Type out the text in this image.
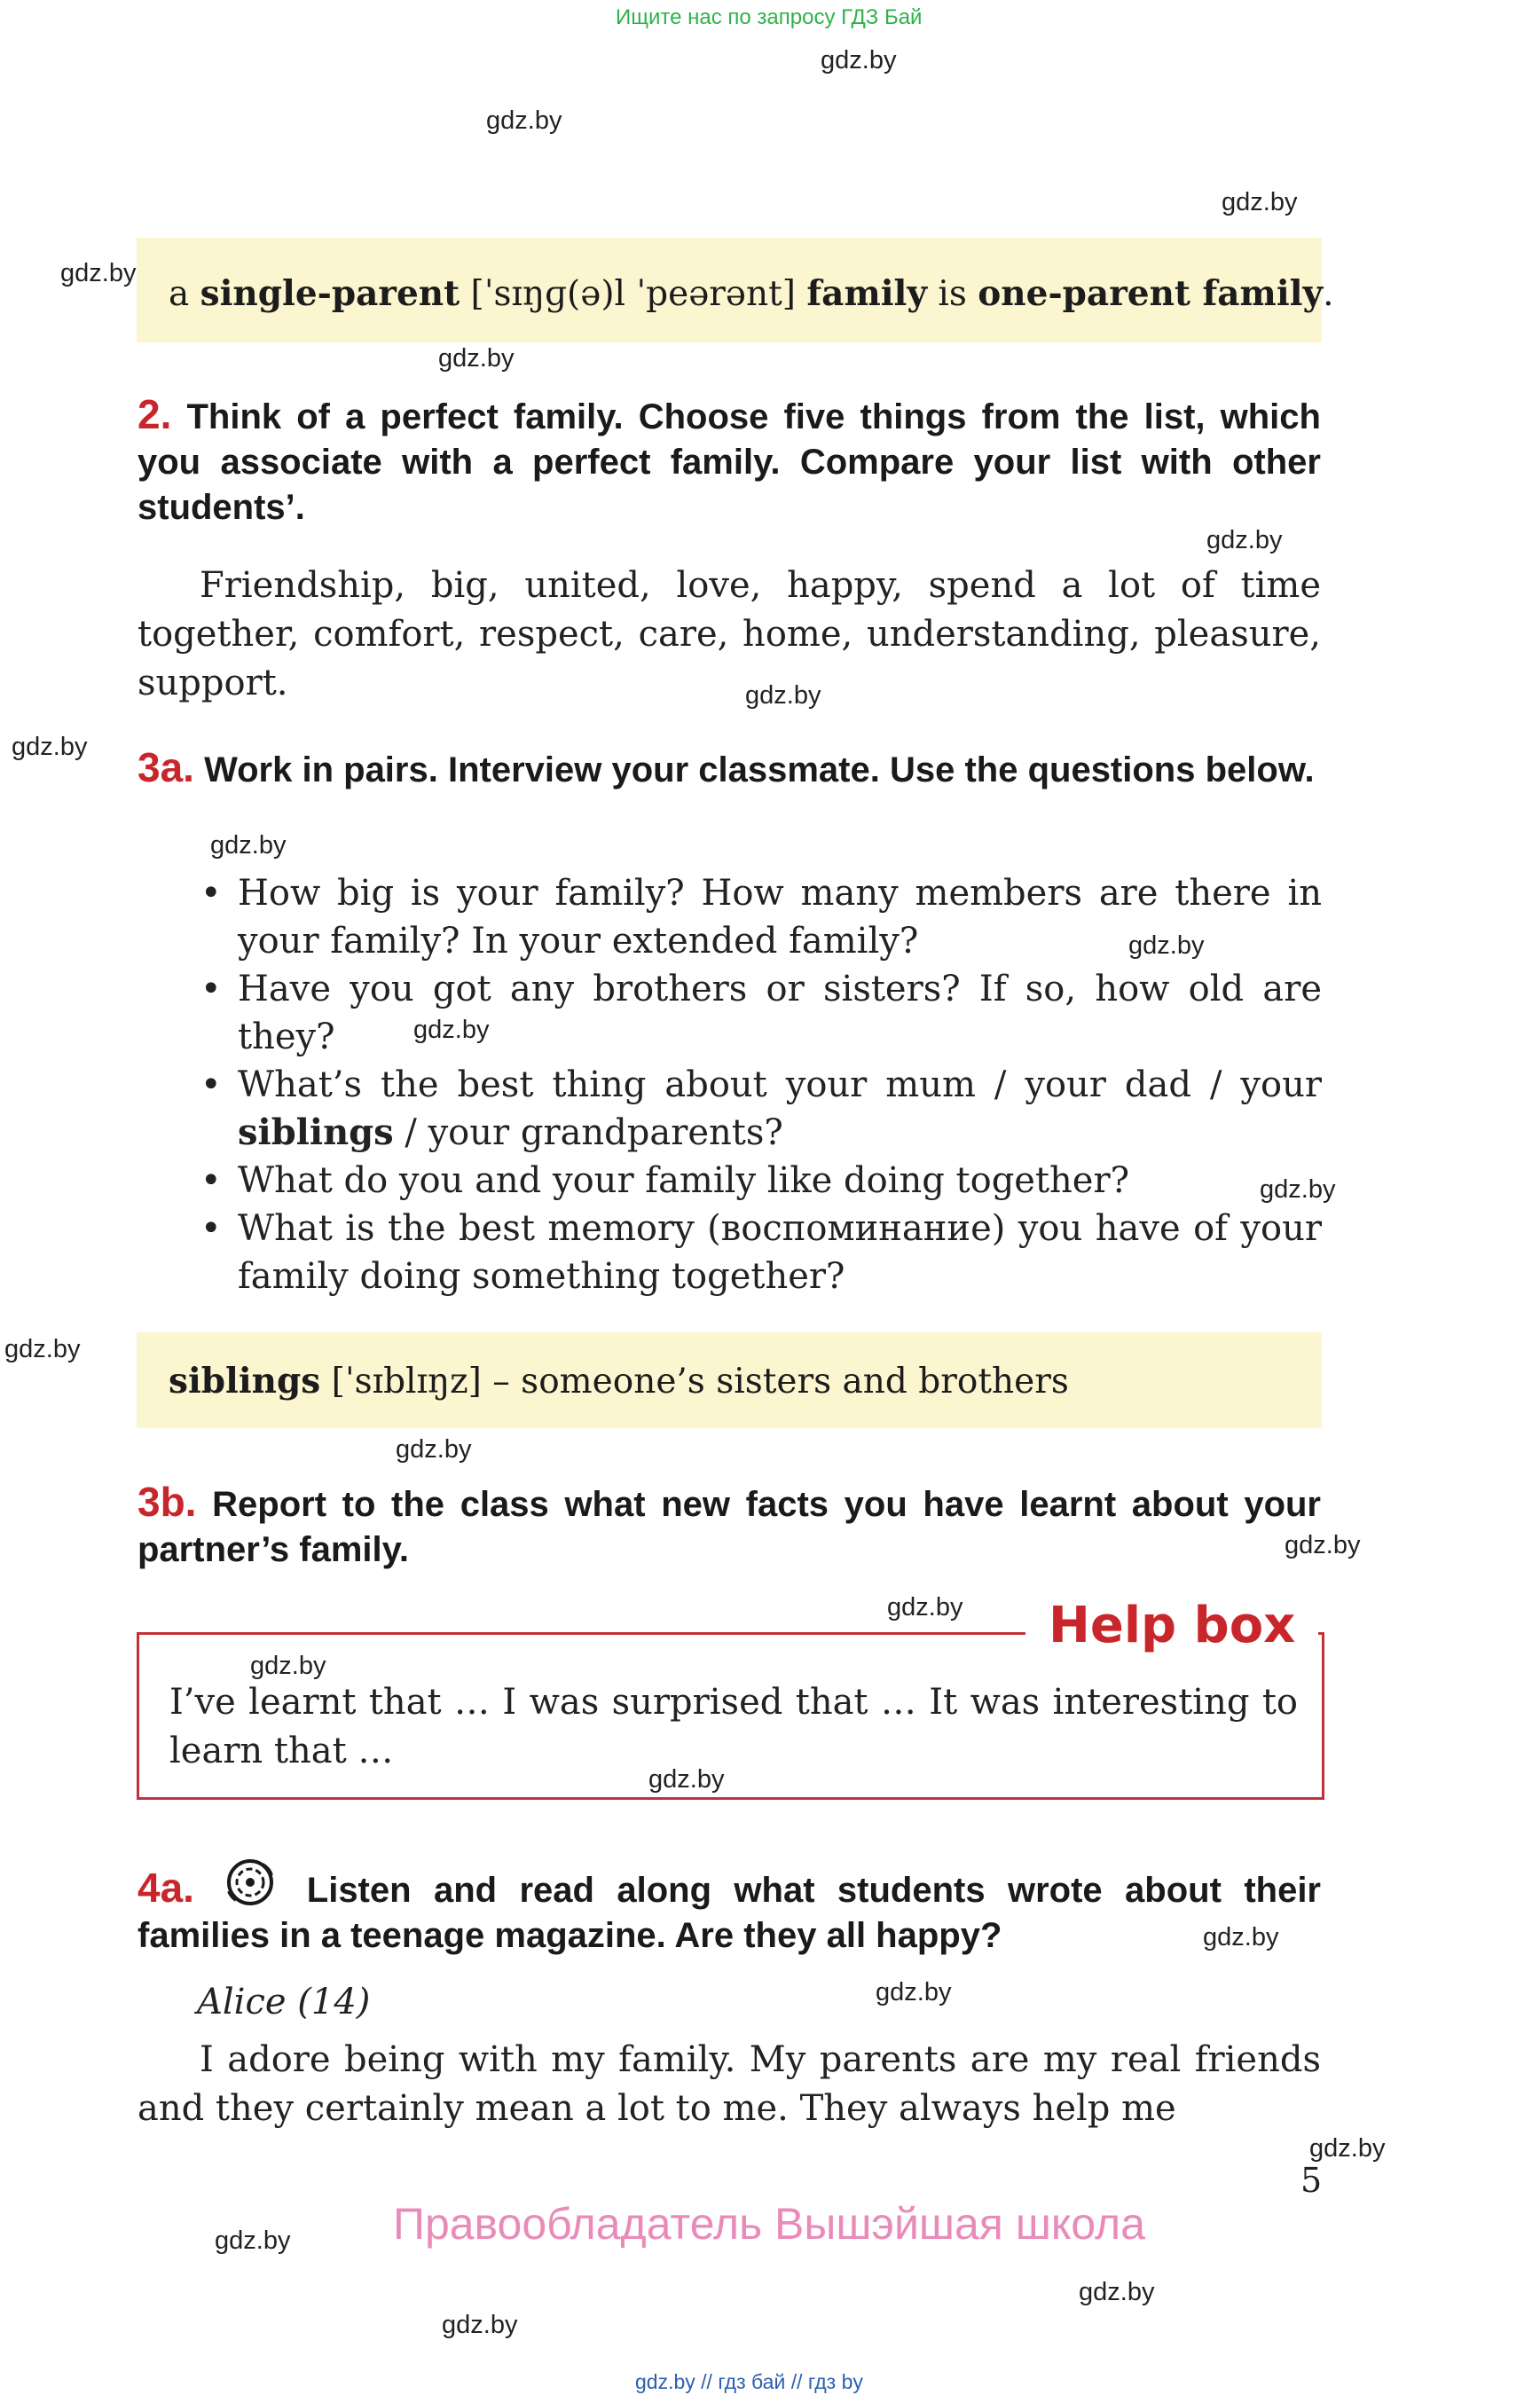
Ищите нас по запросу ГДЗ Бай
gdz.by
gdz.by
gdz.by
gdz.by
gdz.by
gdz.by
gdz.by
gdz.by
gdz.by
gdz.by
gdz.by
gdz.by
gdz.by
gdz.by
gdz.by
gdz.by
gdz.by
gdz.by
gdz.by
gdz.by
gdz.by
gdz.by
gdz.by
gdz.by
a single-parent [ˈsɪŋɡ(ə)l ˈpeərənt] family is one-parent family.
2. Think of a perfect family. Choose five things from the list, which you associate with a perfect family. Compare your list with other students’.
Friendship, big, united, love, happy, spend a lot of time together, comfort, respect, care, home, understanding, pleasure, support.
3a. Work in pairs. Interview your classmate. Use the questions below.
• How big is your family? How many members are there in your family? In your extended family?
• Have you got any brothers or sisters? If so, how old are they?
• What’s the best thing about your mum / your dad / your siblings / your grandparents?
• What do you and your family like doing together?
• What is the best memory (воспоминание) you have of your family doing something together?
siblings [ˈsɪblɪŋz] – someone’s sisters and brothers
3b. Report to the class what new facts you have learnt about your partner’s family.
Help box
I’ve learnt that … I was surprised that … It was interesting to learn that …
4a.	Listen and read along what students wrote about their families in a teenage magazine. Are they all happy?
Alice (14)
I adore being with my family. My parents are my real friends and they certainly mean a lot to me. They always help me
5
Правообладатель Вышэйшая школа
gdz.by // гдз бай // гдз by
